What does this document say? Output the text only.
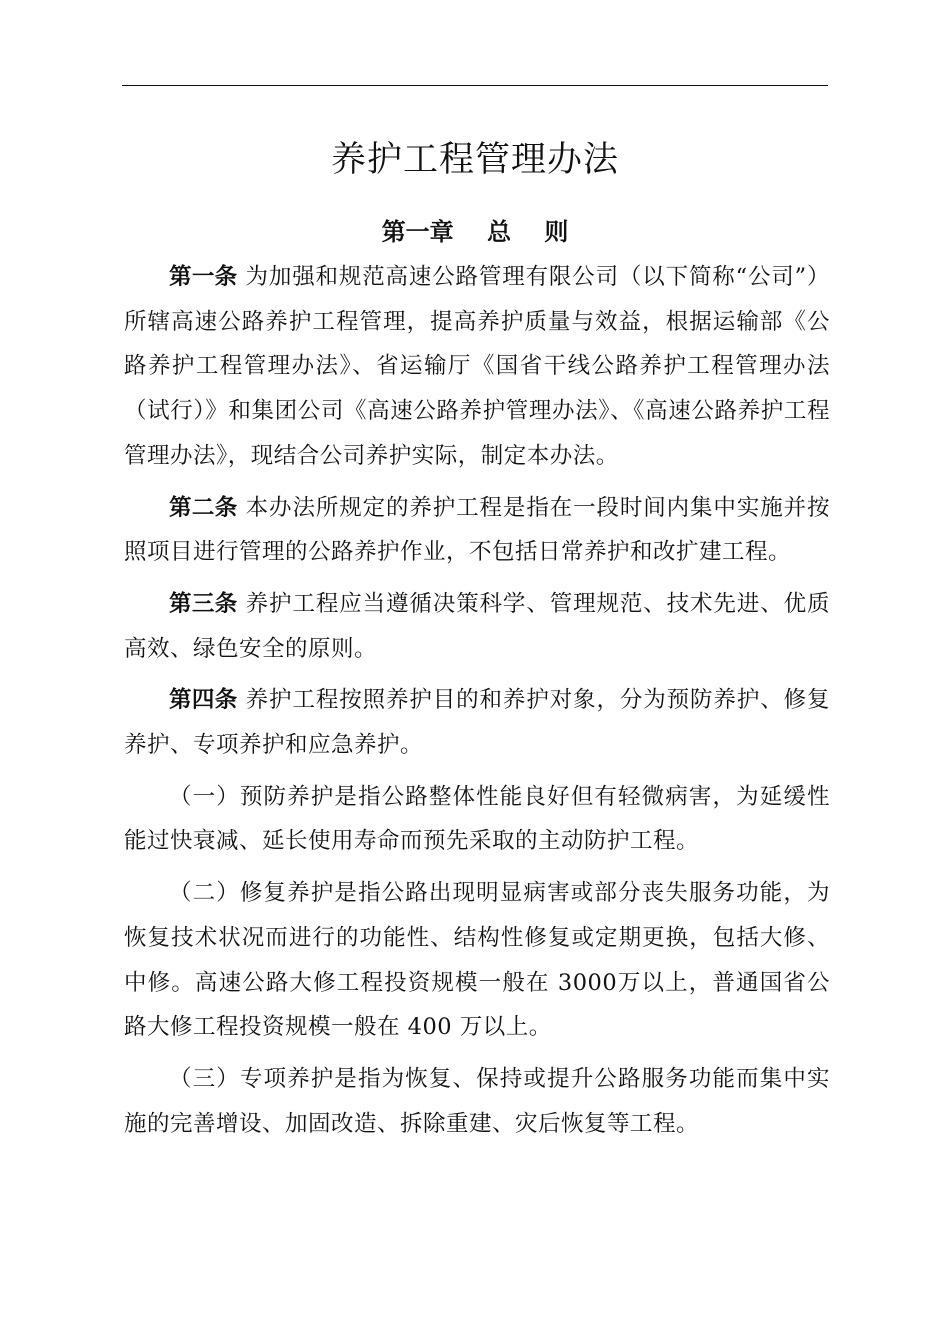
养护工程管理办法
第一章    总    则

第一条 为加强和规范高速公路管理有限公司（以下简称“公司”）所辖高速公路养护工程管理，提高养护质量与效益，根据运输部《公路养护工程管理办法》、省运输厅《国省干线公路养护工程管理办法（试行）》和集团公司《高速公路养护管理办法》、《高速公路养护工程管理办法》，现结合公司养护实际，制定本办法。

第二条 本办法所规定的养护工程是指在一段时间内集中实施并按照项目进行管理的公路养护作业，不包括日常养护和改扩建工程。

第三条 养护工程应当遵循决策科学、管理规范、技术先进、优质高效、绿色安全的原则。

第四条 养护工程按照养护目的和养护对象，分为预防养护、修复养护、专项养护和应急养护。

（一）预防养护是指公路整体性能良好但有轻微病害，为延缓性能过快衰减、延长使用寿命而预先采取的主动防护工程。

（二）修复养护是指公路出现明显病害或部分丧失服务功能，为恢复技术状况而进行的功能性、结构性修复或定期更换，包括大修、中修。高速公路大修工程投资规模一般在 3000万以上，普通国省公路大修工程投资规模一般在 400 万以上。

（三）专项养护是指为恢复、保持或提升公路服务功能而集中实施的完善增设、加固改造、拆除重建、灾后恢复等工程。
